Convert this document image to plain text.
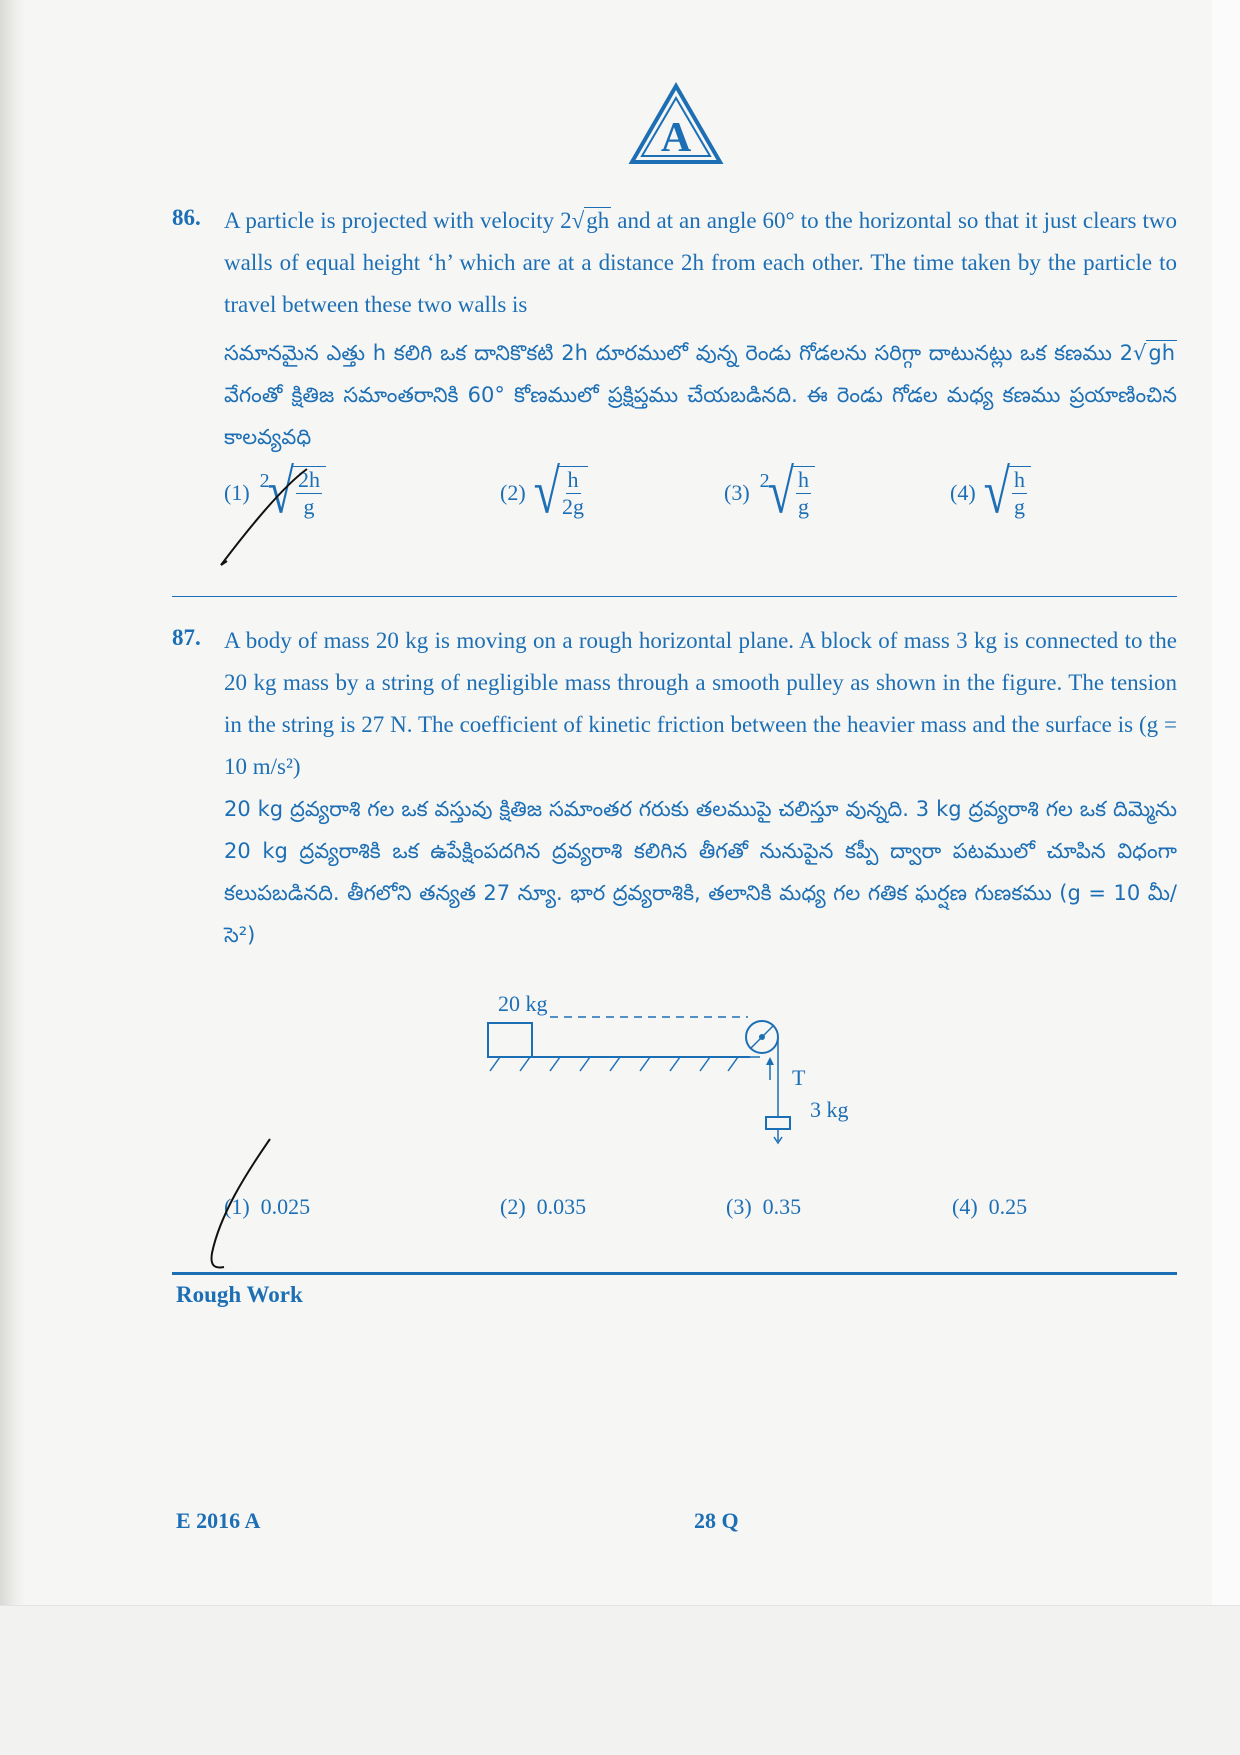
A
86. A particle is projected with velocity 2√gh and at an angle 60° to the horizontal so that it just clears two walls of equal height ‘h’ which are at a distance 2h from each other. The time taken by the particle to travel between these two walls is
సమానమైన ఎత్తు h కలిగి ఒక దానికొకటి 2h దూరములో వున్న రెండు గోడలను సరిగ్గా దాటునట్లు ఒక కణము 2√gh వేగంతో క్షితిజ సమాంతరానికి 60° కోణములో ప్రక్షిప్తము చేయబడినది. ఈ రెండు గోడల మధ్య కణము ప్రయాణించిన కాలవ్యవధి
(1) 2
√
$\frac{2h}{g}$	(2) √
$\frac{h}{2g}$	(3) 2
√
$\frac{h}{g}$	(4) √
$\frac{h}{g}$
87. A body of mass 20 kg is moving on a rough horizontal plane. A block of mass 3 kg is connected to the 20 kg mass by a string of negligible mass through a smooth pulley as shown in the figure. The tension in the string is 27 N. The coefficient of kinetic friction between the heavier mass and the surface is (g = 10 m/s²)
20 kg ద్రవ్యరాశి గల ఒక వస్తువు క్షితిజ సమాంతర గరుకు తలముపై చలిస్తూ వున్నది. 3 kg ద్రవ్యరాశి గల ఒక దిమ్మెను 20 kg ద్రవ్యరాశికి ఒక ఉపేక్షింపదగిన ద్రవ్యరాశి కలిగిన తీగతో నునుపైన కప్పీ ద్వారా పటములో చూపిన విధంగా కలుపబడినది. తీగలోని తన్యత 27 న్యూ. భార ద్రవ్యరాశికి, తలానికి మధ్య గల గతిక ఘర్షణ గుణకము (g = 10 మీ/సె²)
20 kg
T
3 kg
(1) 0.025	(2) 0.035	(3) 0.35	(4) 0.25
Rough Work
E 2016 A	28 Q
